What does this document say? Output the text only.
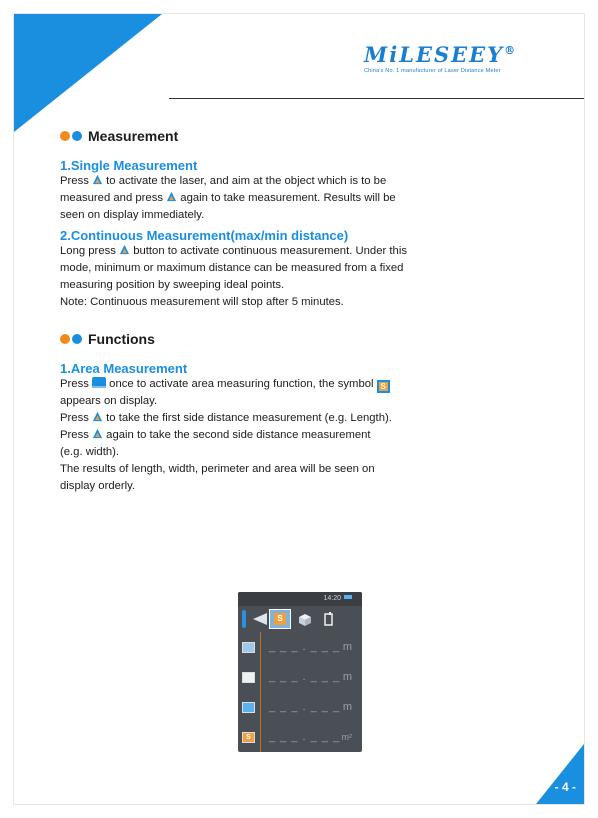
- 4 -
MiLESEEY®
China's No. 1 manufacturer of Laser Distance Meter
Measurement
1.Single Measurement

Press to activate the laser, and aim at the object which is to be

measured and press again to take measurement. Results will be

seen on display immediately.

2.Continuous Measurement(max/min distance)

Long press button to activate continuous measurement. Under this

mode, minimum or maximum distance can be measured from a fixed

measuring position by sweeping ideal points.

Note: Continuous measurement will stop after 5 minutes.

Functions
1.Area Measurement

Press once to activate area measuring function, the symbol S

appears on display.

Press to take the first side distance measurement (e.g. Length).

Press again to take the second side distance measurement

(e.g. width).

The results of length, width, perimeter and area will be seen on

display orderly.

14:20
S
_ _ _ . _ _ _ m
_ _ _ . _ _ _ m
_ _ _ . _ _ _ m
S	_ _ _ . _ _ _ m²
